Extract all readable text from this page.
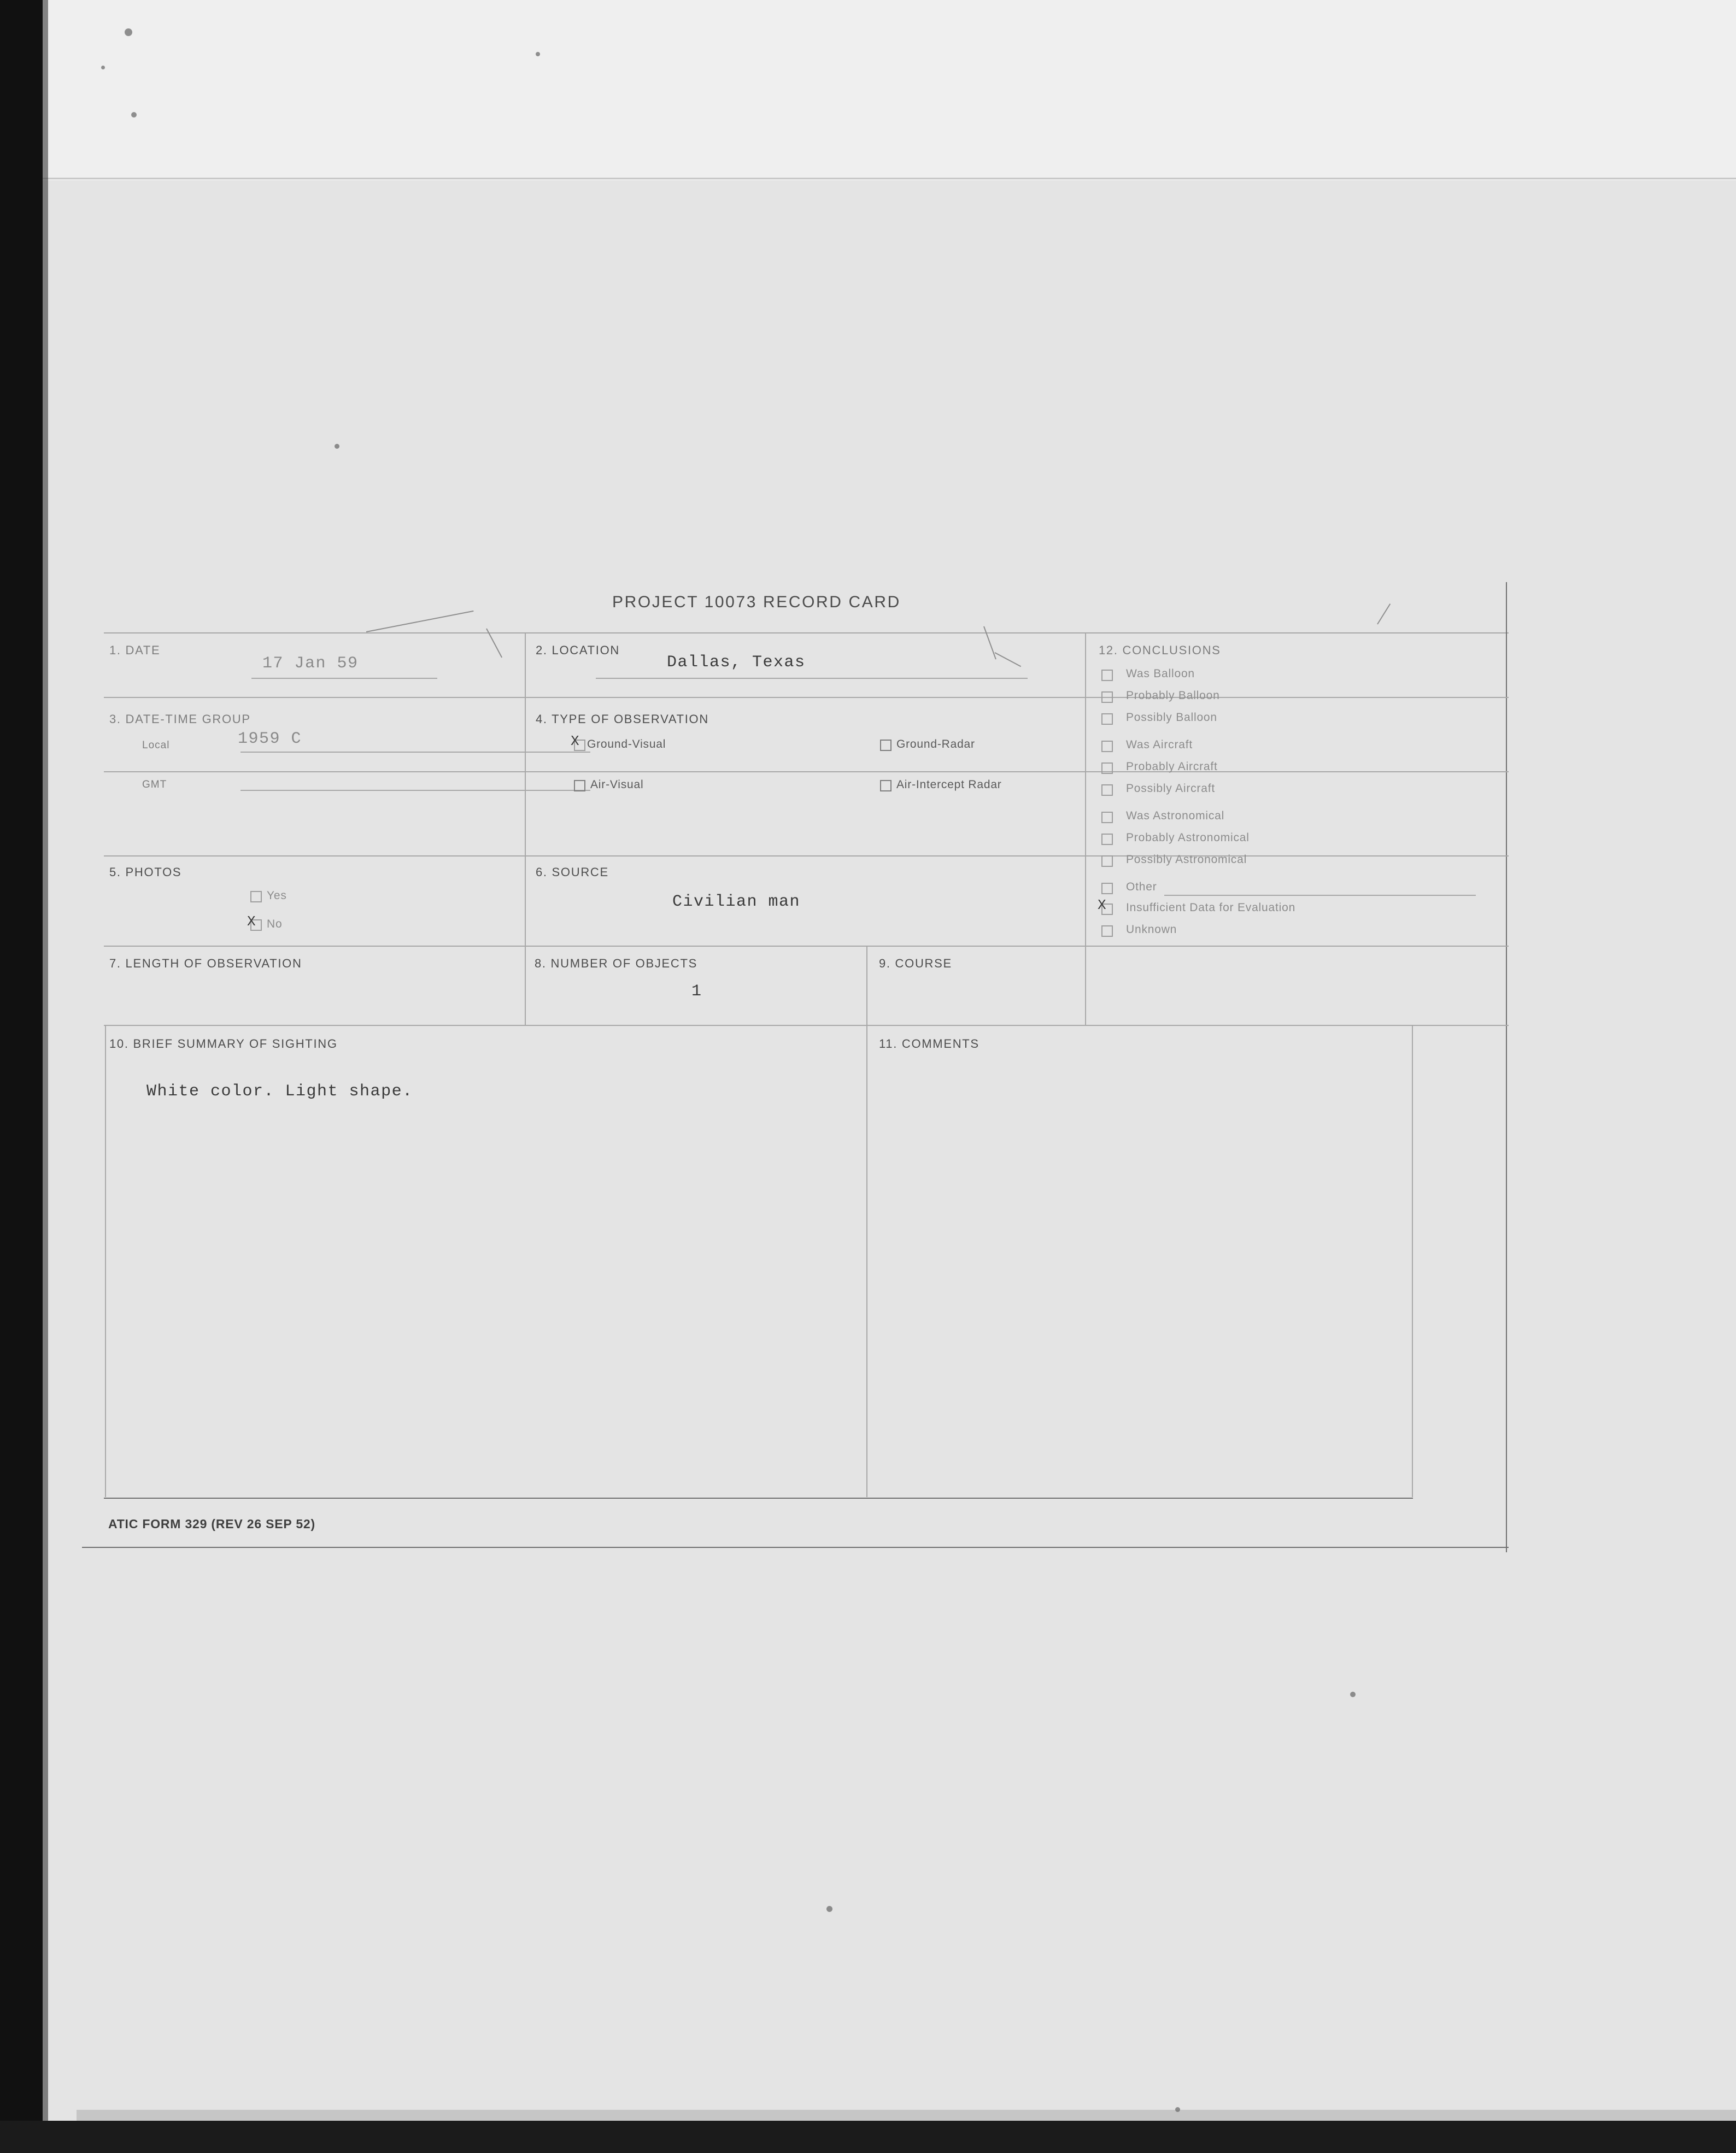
PROJECT 10073 RECORD CARD
1. DATE
17 Jan 59
2. LOCATION
Dallas, Texas
3. DATE-TIME GROUP
Local	1959 C
GMT
4. TYPE OF OBSERVATION
X Ground-Visual	Ground-Radar
Air-Visual	Air-Intercept Radar
5. PHOTOS
Yes
X No
6. SOURCE
Civilian man
7. LENGTH OF OBSERVATION	8. NUMBER OF OBJECTS
1
9. COURSE
10. BRIEF SUMMARY OF SIGHTING
White color. Light shape.
11. COMMENTS
12. CONCLUSIONS
Was Balloon
Probably Balloon
Possibly Balloon
Was Aircraft
Probably Aircraft
Possibly Aircraft
Was Astronomical
Probably Astronomical
Possibly Astronomical
Other
X Insufficient Data for Evaluation
Unknown
ATIC FORM 329 (REV 26 SEP 52)
